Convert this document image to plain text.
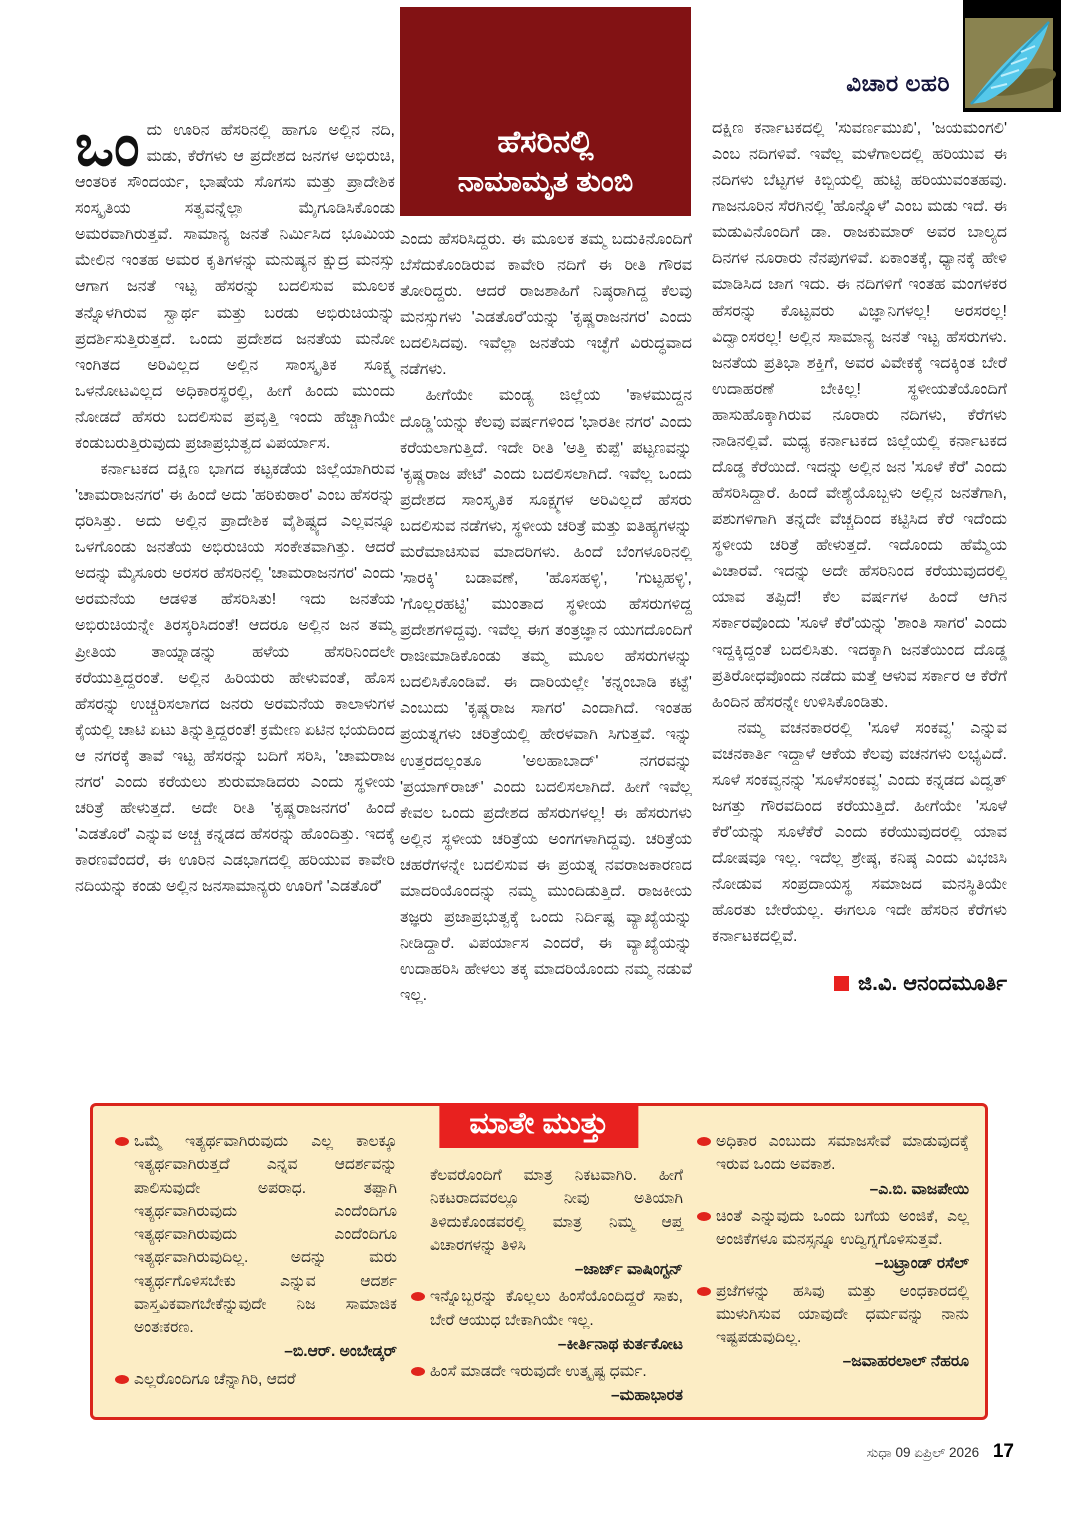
ವಿಚಾರ ಲಹರಿ
ಹೆಸರಿನಲ್ಲಿ
ನಾಮಾಮೃತ ತುಂಬಿ

ಒಂದು ಊರಿನ ಹೆಸರಿನಲ್ಲಿ ಹಾಗೂ ಅಲ್ಲಿನ ನದಿ, ಮಡು, ಕೆರೆಗಳು ಆ ಪ್ರದೇಶದ ಜನಗಳ ಅಭಿರುಚಿ, ಆಂತರಿಕ ಸೌಂದರ್ಯ, ಭಾಷೆಯ ಸೊಗಸು ಮತ್ತು ಪ್ರಾದೇಶಿಕ ಸಂಸ್ಕೃತಿಯ ಸತ್ವವನ್ನೆಲ್ಲಾ ಮೈಗೂಡಿಸಿಕೊಂಡು ಅಮರವಾಗಿರುತ್ತವೆ. ಸಾಮಾನ್ಯ ಜನತೆ ನಿರ್ಮಿಸಿದ ಭೂಮಿಯ ಮೇಲಿನ ಇಂತಹ ಅಮರ ಕೃತಿಗಳನ್ನು ಮನುಷ್ಯನ ಕ್ಷುದ್ರ ಮನಸ್ಸು ಆಗಾಗ ಜನತೆ ಇಟ್ಟ ಹೆಸರನ್ನು ಬದಲಿಸುವ ಮೂಲಕ ತನ್ನೊಳಗಿರುವ ಸ್ವಾರ್ಥ ಮತ್ತು ಬರಡು ಅಭಿರುಚಿಯನ್ನು ಪ್ರದರ್ಶಿಸುತ್ತಿರುತ್ತದೆ. ಒಂದು ಪ್ರದೇಶದ ಜನತೆಯ ಮನೋ ಇಂಗಿತದ ಅರಿವಿಲ್ಲದ ಅಲ್ಲಿನ ಸಾಂಸ್ಕೃತಿಕ ಸೂಕ್ಷ್ಮ ಒಳನೋಟವಿಲ್ಲದ ಅಧಿಕಾರಸ್ಥರಲ್ಲಿ, ಹೀಗೆ ಹಿಂದು ಮುಂದು ನೋಡದೆ ಹೆಸರು ಬದಲಿಸುವ ಪ್ರವೃತ್ತಿ ಇಂದು ಹೆಚ್ಚಾಗಿಯೇ ಕಂಡುಬರುತ್ತಿರುವುದು ಪ್ರಜಾಪ್ರಭುತ್ವದ ವಿಪರ್ಯಾಸ.

ಕರ್ನಾಟಕದ ದಕ್ಷಿಣ ಭಾಗದ ಕಟ್ಟಕಡೆಯ ಜಿಲ್ಲೆಯಾಗಿರುವ 'ಚಾಮರಾಜನಗರ' ಈ ಹಿಂದೆ ಅದು 'ಹರಿಕುಠಾರ' ಎಂಬ ಹೆಸರನ್ನು ಧರಿಸಿತ್ತು. ಅದು ಅಲ್ಲಿನ ಪ್ರಾದೇಶಿಕ ವೈಶಿಷ್ಟ್ಯದ ಎಲ್ಲವನ್ನೂ ಒಳಗೊಂಡು ಜನತೆಯ ಅಭಿರುಚಿಯ ಸಂಕೇತವಾಗಿತ್ತು. ಆದರೆ ಅದನ್ನು ಮೈಸೂರು ಅರಸರ ಹೆಸರಿನಲ್ಲಿ 'ಚಾಮರಾಜನಗರ' ಎಂದು ಅರಮನೆಯ ಆಡಳಿತ ಹೆಸರಿಸಿತು! ಇದು ಜನತೆಯ ಅಭಿರುಚಿಯನ್ನೇ ತಿರಸ್ಕರಿಸಿದಂತೆ! ಆದರೂ ಅಲ್ಲಿನ ಜನ ತಮ್ಮ ಪ್ರೀತಿಯ ತಾಯ್ನಾಡನ್ನು ಹಳೆಯ ಹೆಸರಿನಿಂದಲೇ ಕರೆಯುತ್ತಿದ್ದರಂತೆ. ಅಲ್ಲಿನ ಹಿರಿಯರು ಹೇಳುವಂತೆ, ಹೊಸ ಹೆಸರನ್ನು ಉಚ್ಚರಿಸಲಾಗದ ಜನರು ಅರಮನೆಯ ಕಾಲಾಳುಗಳ ಕೈಯಲ್ಲಿ ಚಾಟಿ ಏಟು ತಿನ್ನುತ್ತಿದ್ದರಂತೆ! ಕ್ರಮೇಣ ಏಟಿನ ಭಯದಿಂದ ಆ ನಗರಕ್ಕೆ ತಾವೆ ಇಟ್ಟ ಹೆಸರನ್ನು ಬದಿಗೆ ಸರಿಸಿ, 'ಚಾಮರಾಜ ನಗರ' ಎಂದು ಕರೆಯಲು ಶುರುಮಾಡಿದರು ಎಂದು ಸ್ಥಳೀಯ ಚರಿತ್ರೆ ಹೇಳುತ್ತದೆ. ಅದೇ ರೀತಿ 'ಕೃಷ್ಣರಾಜನಗರ' ಹಿಂದೆ 'ಎಡತೊರೆ' ಎನ್ನುವ ಅಚ್ಚ ಕನ್ನಡದ ಹೆಸರನ್ನು ಹೊಂದಿತ್ತು. ಇದಕ್ಕೆ ಕಾರಣವೆಂದರೆ, ಈ ಊರಿನ ಎಡಭಾಗದಲ್ಲಿ ಹರಿಯುವ ಕಾವೇರಿ ನದಿಯನ್ನು ಕಂಡು ಅಲ್ಲಿನ ಜನಸಾಮಾನ್ಯರು ಊರಿಗೆ 'ಎಡತೊರೆ'

ಎಂದು ಹೆಸರಿಸಿದ್ದರು. ಈ ಮೂಲಕ ತಮ್ಮ ಬದುಕಿನೊಂದಿಗೆ ಬೆಸೆದುಕೊಂಡಿರುವ ಕಾವೇರಿ ನದಿಗೆ ಈ ರೀತಿ ಗೌರವ ತೋರಿದ್ದರು. ಆದರೆ ರಾಜಶಾಹಿಗೆ ನಿಷ್ಠರಾಗಿದ್ದ ಕೆಲವು ಮನಸ್ಸುಗಳು 'ಎಡತೊರೆ'ಯನ್ನು 'ಕೃಷ್ಣರಾಜನಗರ' ಎಂದು ಬದಲಿಸಿದವು. ಇವೆಲ್ಲಾ ಜನತೆಯ ಇಚ್ಛೆಗೆ ವಿರುದ್ಧವಾದ ನಡೆಗಳು.

ಹೀಗೆಯೇ ಮಂಡ್ಯ ಜಿಲ್ಲೆಯ 'ಕಾಳಮುದ್ದನ ದೊಡ್ಡಿ'ಯನ್ನು ಕೆಲವು ವರ್ಷಗಳಿಂದ 'ಭಾರತೀ ನಗರ' ಎಂದು ಕರೆಯಲಾಗುತ್ತಿದೆ. ಇದೇ ರೀತಿ 'ಅತ್ತಿ ಕುಪ್ಪೆ' ಪಟ್ಟಣವನ್ನು 'ಕೃಷ್ಣರಾಜ ಪೇಟೆ' ಎಂದು ಬದಲಿಸಲಾಗಿದೆ. ಇವೆಲ್ಲ ಒಂದು ಪ್ರದೇಶದ ಸಾಂಸ್ಕೃತಿಕ ಸೂಕ್ಷ್ಮಗಳ ಅರಿವಿಲ್ಲದೆ ಹೆಸರು ಬದಲಿಸುವ ನಡೆಗಳು, ಸ್ಥಳೀಯ ಚರಿತ್ರೆ ಮತ್ತು ಐತಿಹ್ಯಗಳನ್ನು ಮರೆಮಾಚಿಸುವ ಮಾದರಿಗಳು. ಹಿಂದೆ ಬೆಂಗಳೂರಿನಲ್ಲಿ 'ಸಾರಕ್ಕಿ' ಬಡಾವಣೆ, 'ಹೊಸಹಳ್ಳಿ', 'ಗುಟ್ಟಹಳ್ಳಿ', 'ಗೊಲ್ಲರಹಟ್ಟಿ' ಮುಂತಾದ ಸ್ಥಳೀಯ ಹೆಸರುಗಳಿದ್ದ ಪ್ರದೇಶಗಳಿದ್ದವು. ಇವೆಲ್ಲ ಈಗ ತಂತ್ರಜ್ಞಾನ ಯುಗದೊಂದಿಗೆ ರಾಜೀಮಾಡಿಕೊಂಡು ತಮ್ಮ ಮೂಲ ಹೆಸರುಗಳನ್ನು ಬದಲಿಸಿಕೊಂಡಿವೆ. ಈ ದಾರಿಯಲ್ಲೇ 'ಕನ್ನಂಬಾಡಿ ಕಟ್ಟೆ' ಎಂಬುದು 'ಕೃಷ್ಣರಾಜ ಸಾಗರ' ಎಂದಾಗಿದೆ. ಇಂತಹ ಪ್ರಯತ್ನಗಳು ಚರಿತ್ರೆಯಲ್ಲಿ ಹೇರಳವಾಗಿ ಸಿಗುತ್ತವೆ. ಇನ್ನು ಉತ್ತರದಲ್ಲಂತೂ 'ಅಲಹಾಬಾದ್' ನಗರವನ್ನು 'ಪ್ರಯಾಗ್‌ರಾಜ್' ಎಂದು ಬದಲಿಸಲಾಗಿದೆ. ಹೀಗೆ ಇವೆಲ್ಲ ಕೇವಲ ಒಂದು ಪ್ರದೇಶದ ಹೆಸರುಗಳಲ್ಲ! ಈ ಹೆಸರುಗಳು ಅಲ್ಲಿನ ಸ್ಥಳೀಯ ಚರಿತ್ರೆಯ ಅಂಗಗಳಾಗಿದ್ದವು. ಚರಿತ್ರೆಯ ಚಹರೆಗಳನ್ನೇ ಬದಲಿಸುವ ಈ ಪ್ರಯತ್ನ ನವರಾಜಕಾರಣದ ಮಾದರಿಯೊಂದನ್ನು ನಮ್ಮ ಮುಂದಿಡುತ್ತಿದೆ. ರಾಜಕೀಯ ತಜ್ಞರು ಪ್ರಜಾಪ್ರಭುತ್ವಕ್ಕೆ ಒಂದು ನಿರ್ದಿಷ್ಟ ವ್ಯಾಖ್ಯೆಯನ್ನು ನೀಡಿದ್ದಾರೆ. ವಿಪರ್ಯಾಸ ಎಂದರೆ, ಈ ವ್ಯಾಖ್ಯೆಯನ್ನು ಉದಾಹರಿಸಿ ಹೇಳಲು ತಕ್ಕ ಮಾದರಿಯೊಂದು ನಮ್ಮ ನಡುವೆ ಇಲ್ಲ.

ದಕ್ಷಿಣ ಕರ್ನಾಟಕದಲ್ಲಿ 'ಸುವರ್ಣಮುಖಿ', 'ಜಯಮಂಗಲಿ' ಎಂಬ ನದಿಗಳಿವೆ. ಇವೆಲ್ಲ ಮಳೆಗಾಲದಲ್ಲಿ ಹರಿಯುವ ಈ ನದಿಗಳು ಬೆಟ್ಟಗಳ ಕಿಬ್ಬಿಯಲ್ಲಿ ಹುಟ್ಟಿ ಹರಿಯುವಂತಹವು. ಗಾಜನೂರಿನ ಸೆರಗಿನಲ್ಲಿ 'ಹೊನ್ನೊಳೆ' ಎಂಬ ಮಡು ಇದೆ. ಈ ಮಡುವಿನೊಂದಿಗೆ ಡಾ. ರಾಜಕುಮಾರ್ ಅವರ ಬಾಲ್ಯದ ದಿನಗಳ ನೂರಾರು ನೆನಪುಗಳಿವೆ. ಏಕಾಂತಕ್ಕೆ, ಧ್ಯಾನಕ್ಕೆ ಹೇಳಿ ಮಾಡಿಸಿದ ಜಾಗ ಇದು. ಈ ನದಿಗಳಿಗೆ ಇಂತಹ ಮಂಗಳಕರ ಹೆಸರನ್ನು ಕೊಟ್ಟವರು ವಿಜ್ಞಾನಿಗಳಲ್ಲ! ಅರಸರಲ್ಲ! ವಿದ್ವಾಂಸರಲ್ಲ! ಅಲ್ಲಿನ ಸಾಮಾನ್ಯ ಜನತೆ ಇಟ್ಟ ಹೆಸರುಗಳು. ಜನತೆಯ ಪ್ರತಿಭಾ ಶಕ್ತಿಗೆ, ಅವರ ವಿವೇಕಕ್ಕೆ ಇದಕ್ಕಿಂತ ಬೇರೆ ಉದಾಹರಣೆ ಬೇಕಿಲ್ಲ! ಸ್ಥಳೀಯತೆಯೊಂದಿಗೆ ಹಾಸುಹೊಕ್ಕಾಗಿರುವ ನೂರಾರು ನದಿಗಳು, ಕೆರೆಗಳು ನಾಡಿನಲ್ಲಿವೆ. ಮಧ್ಯ ಕರ್ನಾಟಕದ ಜಿಲ್ಲೆಯಲ್ಲಿ ಕರ್ನಾಟಕದ ದೊಡ್ಡ ಕೆರೆಯಿದೆ. ಇದನ್ನು ಅಲ್ಲಿನ ಜನ 'ಸೂಳೆ ಕೆರೆ' ಎಂದು ಹೆಸರಿಸಿದ್ದಾರೆ. ಹಿಂದೆ ವೇಶ್ಯೆಯೊಬ್ಬಳು ಅಲ್ಲಿನ ಜನತೆಗಾಗಿ, ಪಶುಗಳಿಗಾಗಿ ತನ್ನದೇ ವೆಚ್ಚದಿಂದ ಕಟ್ಟಿಸಿದ ಕೆರೆ ಇದೆಂದು ಸ್ಥಳೀಯ ಚರಿತ್ರೆ ಹೇಳುತ್ತದೆ. ಇದೊಂದು ಹೆಮ್ಮೆಯ ವಿಚಾರವೆ. ಇದನ್ನು ಅದೇ ಹೆಸರಿನಿಂದ ಕರೆಯುವುದರಲ್ಲಿ ಯಾವ ತಪ್ಪಿದೆ! ಕೆಲ ವರ್ಷಗಳ ಹಿಂದೆ ಆಗಿನ ಸರ್ಕಾರವೊಂದು 'ಸೂಳೆ ಕೆರೆ'ಯನ್ನು 'ಶಾಂತಿ ಸಾಗರ' ಎಂದು ಇದ್ದಕ್ಕಿದ್ದಂತೆ ಬದಲಿಸಿತು. ಇದಕ್ಕಾಗಿ ಜನತೆಯಿಂದ ದೊಡ್ಡ ಪ್ರತಿರೋಧವೊಂದು ನಡೆದು ಮತ್ತೆ ಆಳುವ ಸರ್ಕಾರ ಆ ಕೆರೆಗೆ ಹಿಂದಿನ ಹೆಸರನ್ನೇ ಉಳಿಸಿಕೊಂಡಿತು.

ನಮ್ಮ ವಚನಕಾರರಲ್ಲಿ 'ಸೂಳೆ ಸಂಕವ್ವ' ಎನ್ನುವ ವಚನಕಾರ್ತಿ ಇದ್ದಾಳೆ ಆಕೆಯ ಕೆಲವು ವಚನಗಳು ಲಭ್ಯವಿದೆ. ಸೂಳೆ ಸಂಕವ್ವನನ್ನು 'ಸೂಳೆಸಂಕವ್ವ' ಎಂದು ಕನ್ನಡದ ವಿದ್ವತ್ ಜಗತ್ತು ಗೌರವದಿಂದ ಕರೆಯುತ್ತಿದೆ. ಹೀಗೆಯೇ 'ಸೂಳೆ ಕೆರೆ'ಯನ್ನು ಸೂಳೆಕೆರೆ ಎಂದು ಕರೆಯುವುದರಲ್ಲಿ ಯಾವ ದೋಷವೂ ಇಲ್ಲ. ಇದೆಲ್ಲ ಶ್ರೇಷ್ಠ, ಕನಿಷ್ಠ ಎಂದು ವಿಭಜಿಸಿ ನೋಡುವ ಸಂಪ್ರದಾಯಸ್ಥ ಸಮಾಜದ ಮನಸ್ಥಿತಿಯೇ ಹೊರತು ಬೇರೆಯಲ್ಲ. ಈಗಲೂ ಇದೇ ಹೆಸರಿನ ಕೆರೆಗಳು ಕರ್ನಾಟಕದಲ್ಲಿವೆ.

ಜಿ.ವಿ. ಆನಂದಮೂರ್ತಿ
ಮಾತೇ ಮುತ್ತು

ಒಮ್ಮೆ ಇತ್ಯರ್ಥವಾಗಿರುವುದು ಎಲ್ಲ ಕಾಲಕ್ಕೂ ಇತ್ಯರ್ಥವಾಗಿರುತ್ತದೆ ಎನ್ನವ ಆದರ್ಶವನ್ನು ಪಾಲಿಸುವುದೇ ಅಪರಾಧ. ತಪ್ಪಾಗಿ ಇತ್ಯರ್ಥವಾಗಿರುವುದು ಎಂದೆಂದಿಗೂ ಇತ್ಯರ್ಥವಾಗಿರುವುದು ಎಂದೆಂದಿಗೂ ಇತ್ಯರ್ಥವಾಗಿರುವುದಿಲ್ಲ. ಅದನ್ನು ಮರು ಇತ್ಯರ್ಥಗೊಳಿಸಬೇಕು ಎನ್ನುವ ಆದರ್ಶ ವಾಸ್ತವಿಕವಾಗಬೇಕೆನ್ನುವುದೇ ನಿಜ ಸಾಮಾಜಿಕ ಅಂತಃಕರಣ.

–ಬಿ.ಆರ್. ಅಂಬೇಡ್ಕರ್

ಎಲ್ಲರೊಂದಿಗೂ ಚೆನ್ನಾಗಿರಿ, ಆದರೆ

ಕೆಲವರೊಂದಿಗೆ ಮಾತ್ರ ನಿಕಟವಾಗಿರಿ. ಹೀಗೆ ನಿಕಟರಾದವರಲ್ಲೂ ನೀವು ಅತಿಯಾಗಿ ತಿಳಿದುಕೊಂಡವರಲ್ಲಿ ಮಾತ್ರ ನಿಮ್ಮ ಆಪ್ತ ವಿಚಾರಗಳನ್ನು ತಿಳಿಸಿ

–ಜಾರ್ಜ್ ವಾಷಿಂಗ್ಟನ್

ಇನ್ನೊಬ್ಬರನ್ನು ಕೊಲ್ಲಲು ಹಿಂಸೆಯೊಂದಿದ್ದರೆ ಸಾಕು, ಬೇರೆ ಆಯುಧ ಬೇಕಾಗಿಯೇ ಇಲ್ಲ.

–ಕೀರ್ತಿನಾಥ ಕುರ್ತಕೋಟ

ಹಿಂಸೆ ಮಾಡದೇ ಇರುವುದೇ ಉತ್ಕೃಷ್ಟ ಧರ್ಮ.

–ಮಹಾಭಾರತ

ಅಧಿಕಾರ ಎಂಬುದು ಸಮಾಜಸೇವೆ ಮಾಡುವುದಕ್ಕೆ ಇರುವ ಒಂದು ಅವಕಾಶ.

–ಎ.ಬಿ. ವಾಜಪೇಯಿ

ಚಿಂತೆ ಎನ್ನುವುದು ಒಂದು ಬಗೆಯ ಅಂಜಿಕೆ, ಎಲ್ಲ ಅಂಜಿಕೆಗಳೂ ಮನಸ್ಸನ್ನೂ ಉದ್ವಿಗ್ನಗೊಳಿಸುತ್ತವೆ.

–ಬಟ್ರ್ರಾಂಡ್ ರಸೆಲ್

ಪ್ರಜೆಗಳನ್ನು ಹಸಿವು ಮತ್ತು ಅಂಧಕಾರದಲ್ಲಿ ಮುಳುಗಿಸುವ ಯಾವುದೇ ಧರ್ಮವನ್ನು ನಾನು ಇಷ್ಟಪಡುವುದಿಲ್ಲ.

–ಜವಾಹರಲಾಲ್ ನೆಹರೂ
ಸುಧಾ 09 ಏಪ್ರಿಲ್ 2026 17
